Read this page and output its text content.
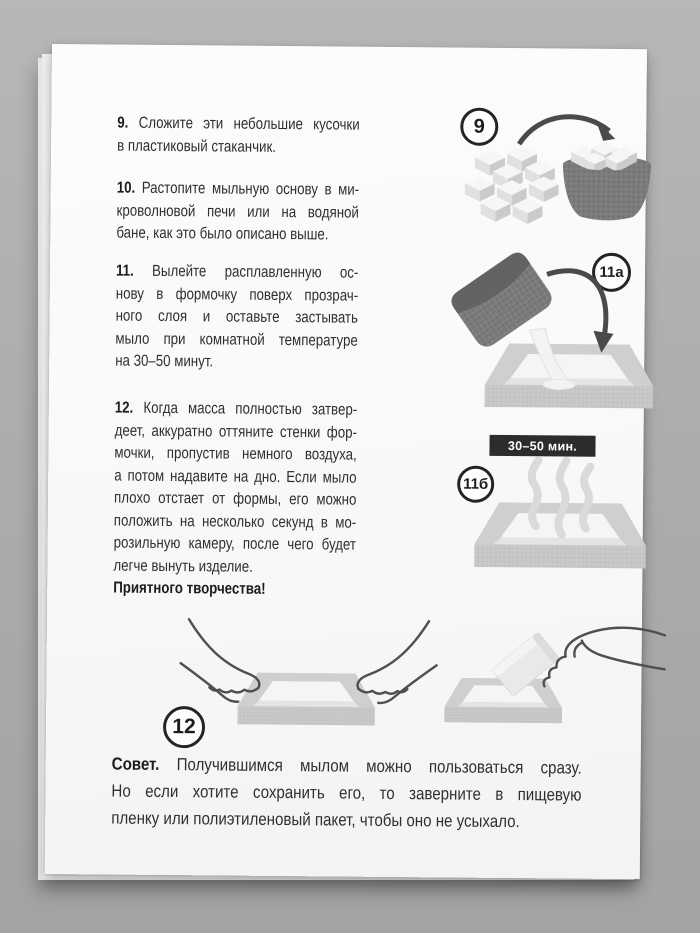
9. Сложите эти небольшие кусочки
в пластиковый стаканчик.
10. Растопите мыльную основу в ми-
кроволновой печи или на водяной
бане, как это было описано выше.
11. Вылейте расплавленную ос-
нову в формочку поверх прозрач-
ного слоя и оставьте застывать
мыло при комнатной температуре
на 30–50 минут.
12. Когда масса полностью затвер-
деет, аккуратно оттяните стенки фор-
мочки, пропустив немного воздуха,
а потом надавите на дно. Если мыло
плохо отстает от формы, его можно
положить на несколько секунд в мо-
розильную камеру, после чего будет
легче вынуть изделие.
Приятного творчества!
9
11а
30–50 мин.
11б
12
Совет. Получившимся мылом можно пользоваться сразу.
Но если хотите сохранить его, то заверните в пищевую
пленку или полиэтиленовый пакет, чтобы оно не усыхало.
